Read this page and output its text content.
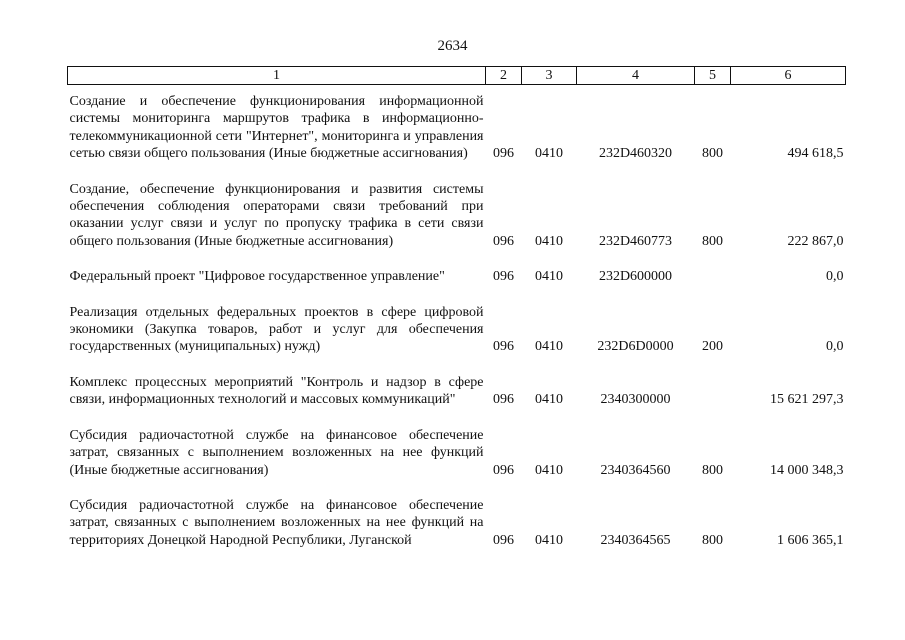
2634
1	2	3	4	5	6

Создание и обеспечение функционирования информационной системы мониторинга маршрутов трафика в информационно-телекоммуникационной сети "Интернет", мониторинга и управления сетью связи общего пользования (Иные бюджетные ассигнования)	096	0410	232D460320	800	494 618,5

Создание, обеспечение функционирования и развития системы обеспечения соблюдения операторами связи требований при оказании услуг связи и услуг по пропуску трафика в сети связи общего пользования (Иные бюджетные ассигнования)	096	0410	232D460773	800	222 867,0

Федеральный проект "Цифровое государственное управление"	096	0410	232D600000		0,0

Реализация отдельных федеральных проектов в сфере цифровой экономики (Закупка товаров, работ и услуг для обеспечения государственных (муниципальных) нужд)	096	0410	232D6D0000	200	0,0

Комплекс процессных мероприятий "Контроль и надзор в сфере связи, информационных технологий и массовых коммуникаций"	096	0410	2340300000		15 621 297,3

Субсидия радиочастотной службе на финансовое обеспечение затрат, связанных с выполнением возложенных на нее функций (Иные бюджетные ассигнования)	096	0410	2340364560	800	14 000 348,3

Субсидия радиочастотной службе на финансовое обеспечение затрат, связанных с выполнением возложенных на нее функций на территориях Донецкой Народной Республики, Луганской	096	0410	2340364565	800	1 606 365,1
